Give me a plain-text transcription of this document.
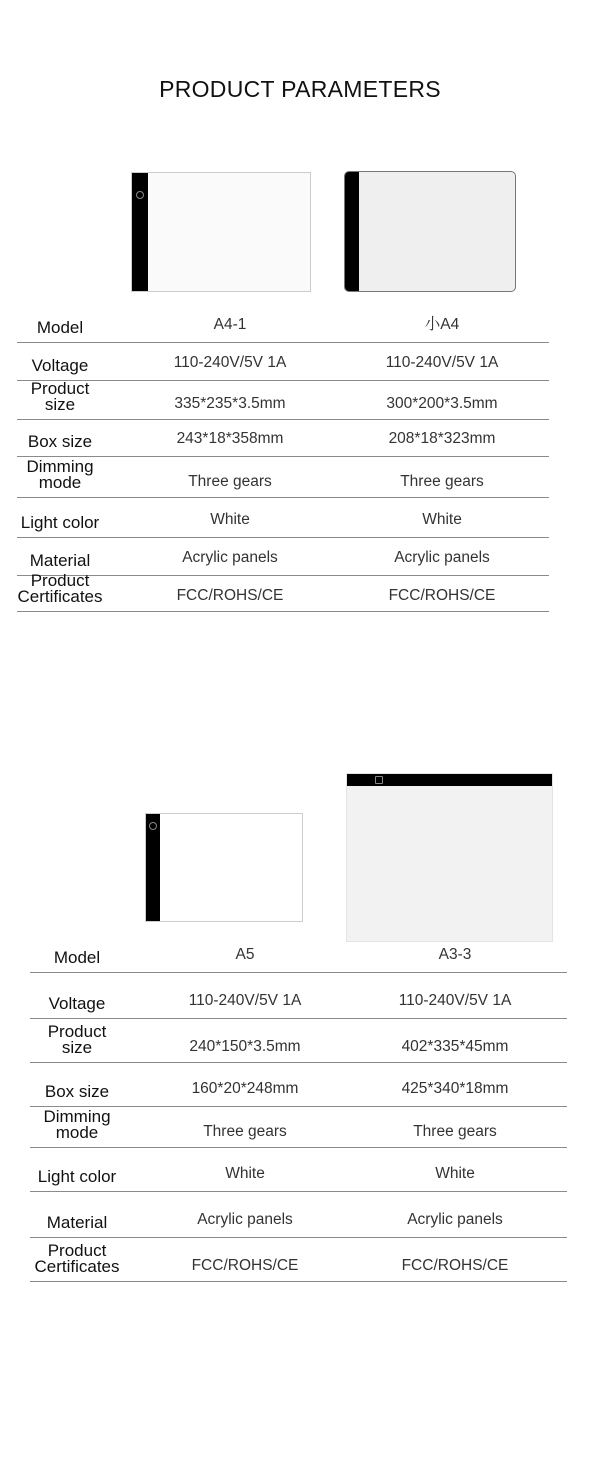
PRODUCT PARAMETERS
Model	A4-1	小A4
Voltage	110-240V/5V 1A	110-240V/5V 1A
Product
size	335*235*3.5mm	300*200*3.5mm
Box size	243*18*358mm	208*18*323mm
Dimming
mode	Three gears	Three gears
Light color	White	White
Material	Acrylic panels	Acrylic panels
Product
Certificates	FCC/ROHS/CE	FCC/ROHS/CE
Model	A5	A3-3
Voltage	110-240V/5V 1A	110-240V/5V 1A
Product
size	240*150*3.5mm	402*335*45mm
Box size	160*20*248mm	425*340*18mm
Dimming
mode	Three gears	Three gears
Light color	White	White
Material	Acrylic panels	Acrylic panels
Product
Certificates	FCC/ROHS/CE	FCC/ROHS/CE
